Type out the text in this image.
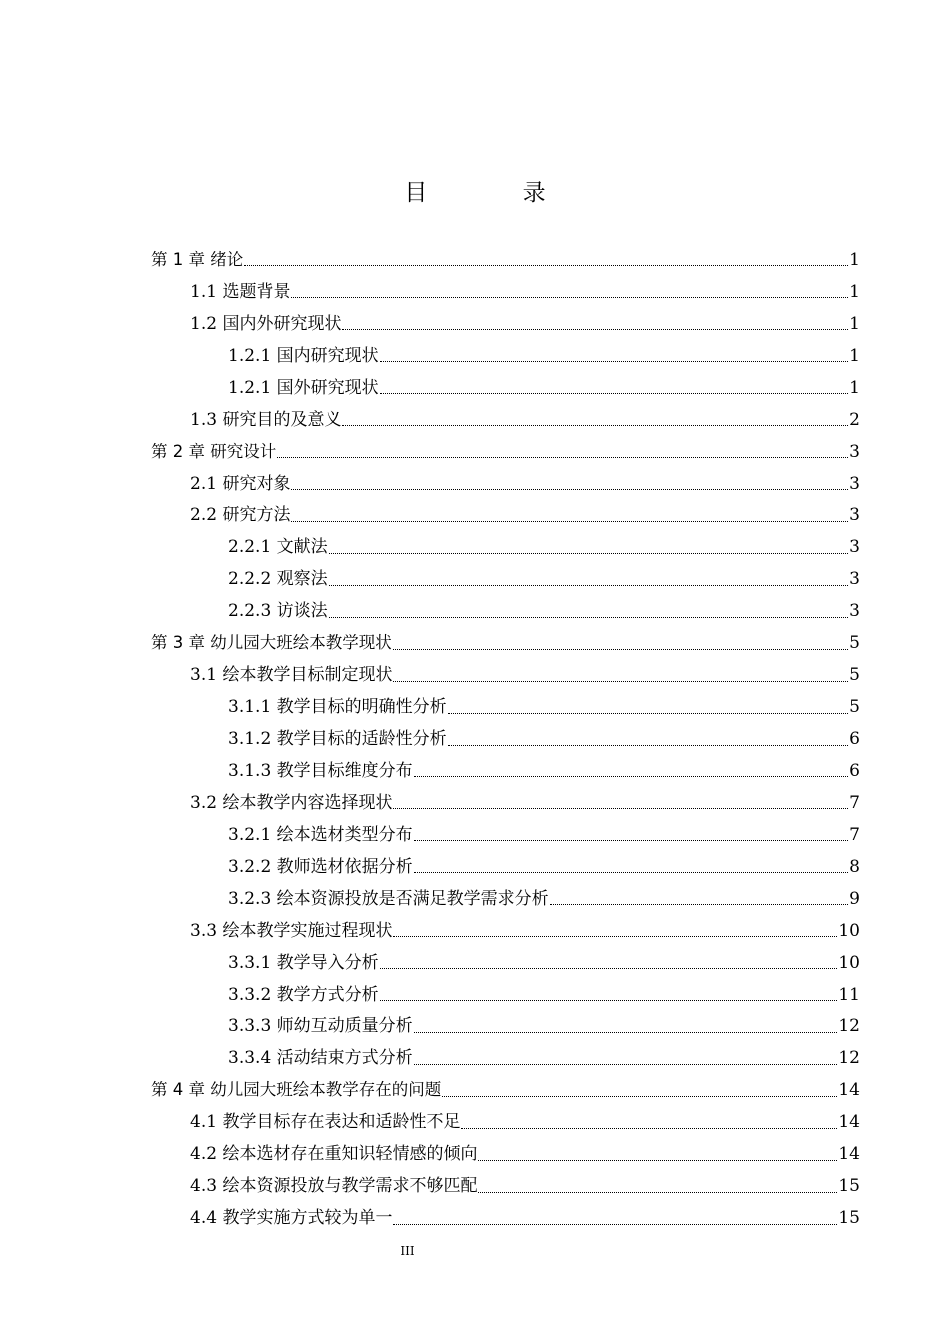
目 录
第 1 章 绪论	1
1.1 选题背景	1
1.2 国内外研究现状	1
1.2.1 国内研究现状	1
1.2.1 国外研究现状	1
1.3 研究目的及意义	2
第 2 章 研究设计	3
2.1 研究对象	3
2.2 研究方法	3
2.2.1 文献法	3
2.2.2 观察法	3
2.2.3 访谈法	3
第 3 章 幼儿园大班绘本教学现状	5
3.1 绘本教学目标制定现状	5
3.1.1 教学目标的明确性分析	5
3.1.2 教学目标的适龄性分析	6
3.1.3 教学目标维度分布	6
3.2 绘本教学内容选择现状	7
3.2.1 绘本选材类型分布	7
3.2.2 教师选材依据分析	8
3.2.3 绘本资源投放是否满足教学需求分析	9
3.3 绘本教学实施过程现状	10
3.3.1 教学导入分析	10
3.3.2 教学方式分析	11
3.3.3 师幼互动质量分析	12
3.3.4 活动结束方式分析	12
第 4 章 幼儿园大班绘本教学存在的问题	14
4.1 教学目标存在表达和适龄性不足	14
4.2 绘本选材存在重知识轻情感的倾向	14
4.3 绘本资源投放与教学需求不够匹配	15
4.4 教学实施方式较为单一	15
III
